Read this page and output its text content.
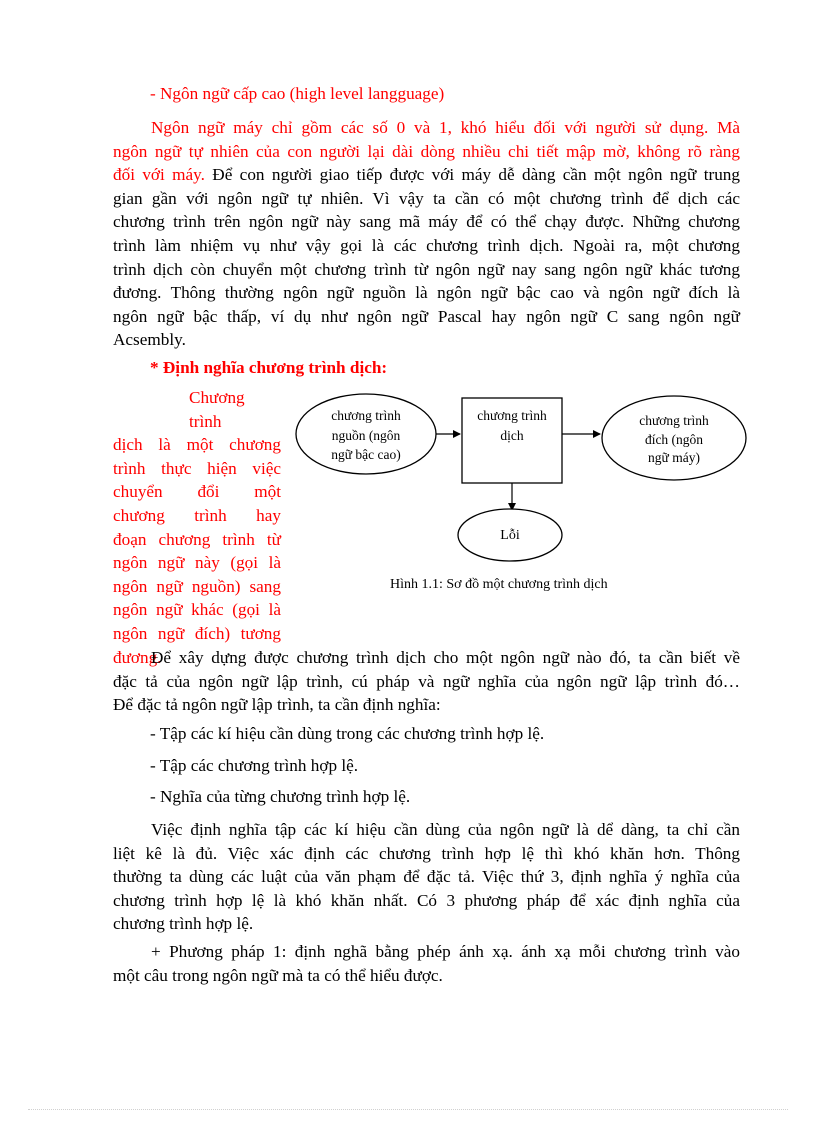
- Ngôn ngữ cấp cao (high level langguage)
Ngôn ngữ máy chỉ gồm các số 0 và 1, khó hiểu đối với người sử dụng. Mà
ngôn ngữ tự nhiên của con người lại dài dòng nhiều chi tiết mập mờ, không rõ ràng
đối với máy. Để con người giao tiếp được với máy dễ dàng cần một ngôn ngữ trung
gian gần với ngôn ngữ tự nhiên. Vì vậy ta cần có một chương trình để dịch các
chương trình trên ngôn ngữ này sang mã máy để có thể chạy được. Những chương
trình làm nhiệm vụ như vậy gọi là các chương trình dịch. Ngoài ra, một chương
trình dịch còn chuyển một chương trình từ ngôn ngữ nay sang ngôn ngữ khác tương
đương. Thông thường ngôn ngữ nguồn là ngôn ngữ bậc cao và ngôn ngữ đích là
ngôn ngữ bậc thấp, ví dụ như ngôn ngữ Pascal hay ngôn ngữ C sang ngôn ngữ
Acsembly.
* Định nghĩa chương trình dịch:
Chương trình
dịch là một chương
trình thực hiện việc
chuyển đổi một
chương trình hay
đoạn chương trình từ
ngôn ngữ này (gọi là
ngôn ngữ nguồn) sang
ngôn ngữ khác (gọi là
ngôn ngữ đích) tương
đương.
chương trình
nguồn (ngôn
ngữ bậc cao)
chương trình
dịch
chương trình
đích (ngôn
ngữ máy)
Lỗi
Hình 1.1: Sơ đồ một chương trình dịch
Để xây dựng được chương trình dịch cho một ngôn ngữ nào đó, ta cần biết về
đặc tả của ngôn ngữ lập trình, cú pháp và ngữ nghĩa của ngôn ngữ lập trình đó…
Để đặc tả ngôn ngữ lập trình, ta cần định nghĩa:
- Tập các kí hiệu cần dùng trong các chương trình hợp lệ.
- Tập các chương trình hợp lệ.
- Nghĩa của từng chương trình hợp lệ.
Việc định nghĩa tập các kí hiệu cần dùng của ngôn ngữ là dể dàng, ta chỉ cần
liệt kê là đủ. Việc xác định các chương trình hợp lệ thì khó khăn hơn. Thông
thường ta dùng các luật của văn phạm để đặc tả. Việc thứ 3, định nghĩa ý nghĩa của
chương trình hợp lệ là khó khăn nhất. Có 3 phương pháp để xác định nghĩa của
chương trình hợp lệ.
+ Phương pháp 1: định nghã bằng phép ánh xạ. ánh xạ mỗi chương trình vào
một câu trong ngôn ngữ mà ta có thể hiểu được.
